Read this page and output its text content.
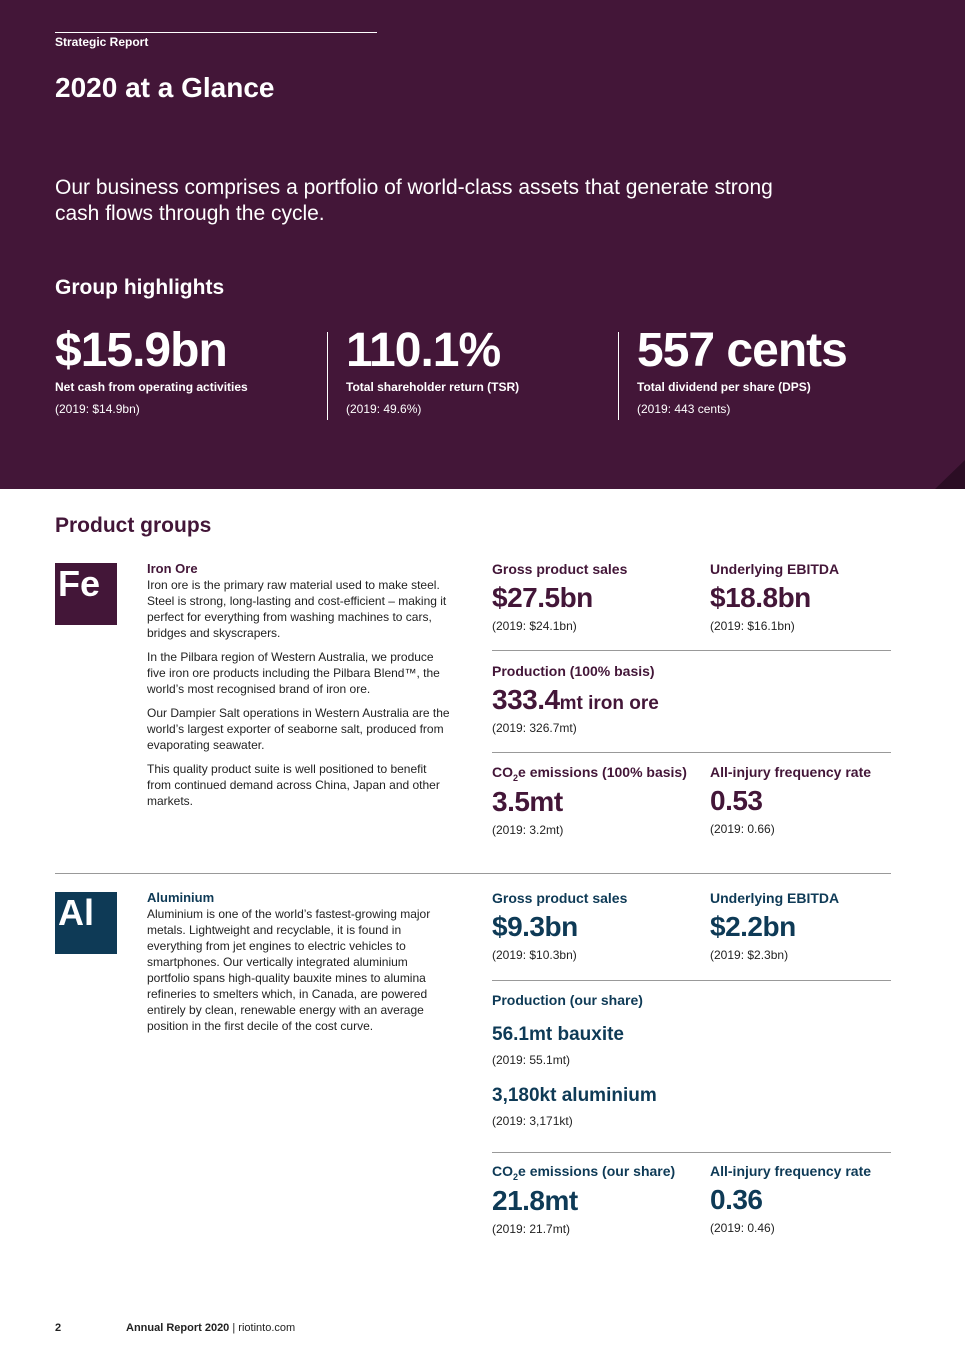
Strategic Report
2020 at a Glance

Our business comprises a portfolio of world-class assets that generate strong cash flows through the cycle.

Group highlights
$15.9bn
Net cash from operating activities
(2019: $14.9bn)
110.1%
Total shareholder return (TSR)
(2019: 49.6%)
557 cents
Total dividend per share (DPS)
(2019: 443 cents)
Product groups
Fe	Iron Ore

Iron ore is the primary raw material used to make steel. Steel is strong, long-lasting and cost-efficient – making it perfect for everything from washing machines to cars, bridges and skyscrapers.

In the Pilbara region of Western Australia, we produce five iron ore products including the Pilbara Blend™, the world’s most recognised brand of iron ore.

Our Dampier Salt operations in Western Australia are the world’s largest exporter of seaborne salt, produced from evaporating seawater.

This quality product suite is well positioned to benefit from continued demand across China, Japan and other markets.

Gross product sales
$27.5bn
(2019: $24.1bn)
Underlying EBITDA
$18.8bn
(2019: $16.1bn)
Production (100% basis)
333.4mt iron ore
(2019: 326.7mt)
$CO_2e$ emissions (100% basis)
3.5mt
(2019: 3.2mt)
All-injury frequency rate
0.53
(2019: 0.66)
Al	Aluminium

Aluminium is one of the world’s fastest-growing major metals. Lightweight and recyclable, it is found in everything from jet engines to electric vehicles to smartphones. Our vertically integrated aluminium portfolio spans high-quality bauxite mines to alumina refineries to smelters which, in Canada, are powered entirely by clean, renewable energy with an average position in the first decile of the cost curve.

Gross product sales
$9.3bn
(2019: $10.3bn)
Underlying EBITDA
$2.2bn
(2019: $2.3bn)
Production (our share)
56.1mt bauxite
(2019: 55.1mt)
3,180kt aluminium
(2019: 3,171kt)
$CO_2e$ emissions (our share)
21.8mt
(2019: 21.7mt)
All-injury frequency rate
0.36
(2019: 0.46)
2	Annual Report 2020 | riotinto.com
